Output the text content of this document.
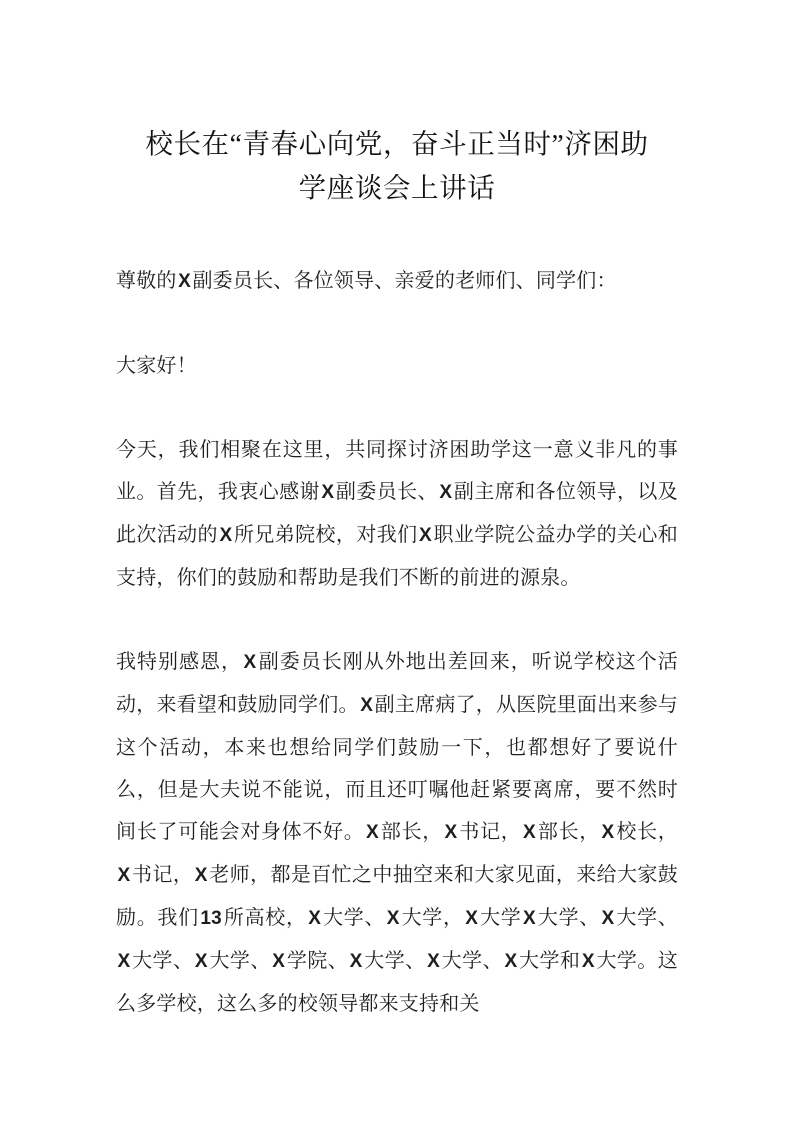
校长在“青春心向党，奋斗正当时”济困助
学座谈会上讲话

尊敬的X副委员长、各位领导、亲爱的老师们、同学们：

大家好！

今天，我们相聚在这里，共同探讨济困助学这一意义非凡的事业。首先，我衷心感谢X副委员长、X副主席和各位领导，以及此次活动的X所兄弟院校，对我们X职业学院公益办学的关心和支持，你们的鼓励和帮助是我们不断的前进的源泉。

我特别感恩，X副委员长刚从外地出差回来，听说学校这个活动，来看望和鼓励同学们。X副主席病了，从医院里面出来参与这个活动，本来也想给同学们鼓励一下，也都想好了要说什么，但是大夫说不能说，而且还叮嘱他赶紧要离席，要不然时间长了可能会对身体不好。X部长，X书记，X部长，X校长，X书记，X老师，都是百忙之中抽空来和大家见面，来给大家鼓励。我们13所高校，X大学、X大学，X大学X大学、X大学、X大学、X大学、X学院、X大学、X大学、X大学和X大学。这么多学校，这么多的校领导都来支持和关
